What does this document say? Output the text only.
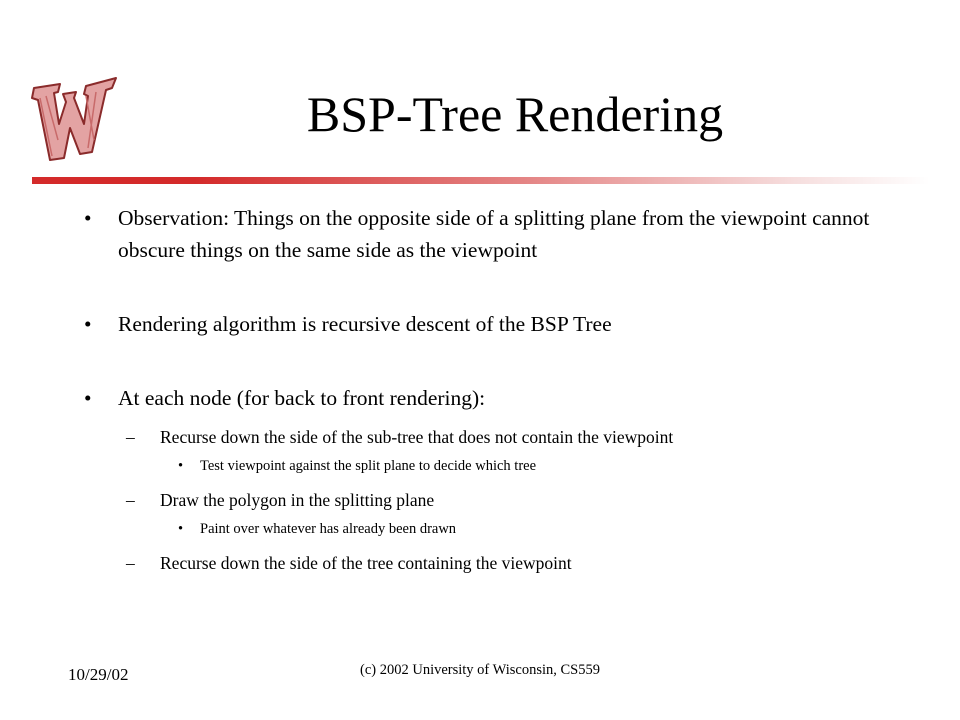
BSP-Tree Rendering
• Observation: Things on the opposite side of a splitting plane from the viewpoint cannot obscure things on the same side as the viewpoint
• Rendering algorithm is recursive descent of the BSP Tree
• At each node (for back to front rendering):
– Recurse down the side of the sub-tree that does not contain the viewpoint
• Test viewpoint against the split plane to decide which tree
– Draw the polygon in the splitting plane
• Paint over whatever has already been drawn
– Recurse down the side of the tree containing the viewpoint
10/29/02	(c) 2002 University of Wisconsin, CS559
